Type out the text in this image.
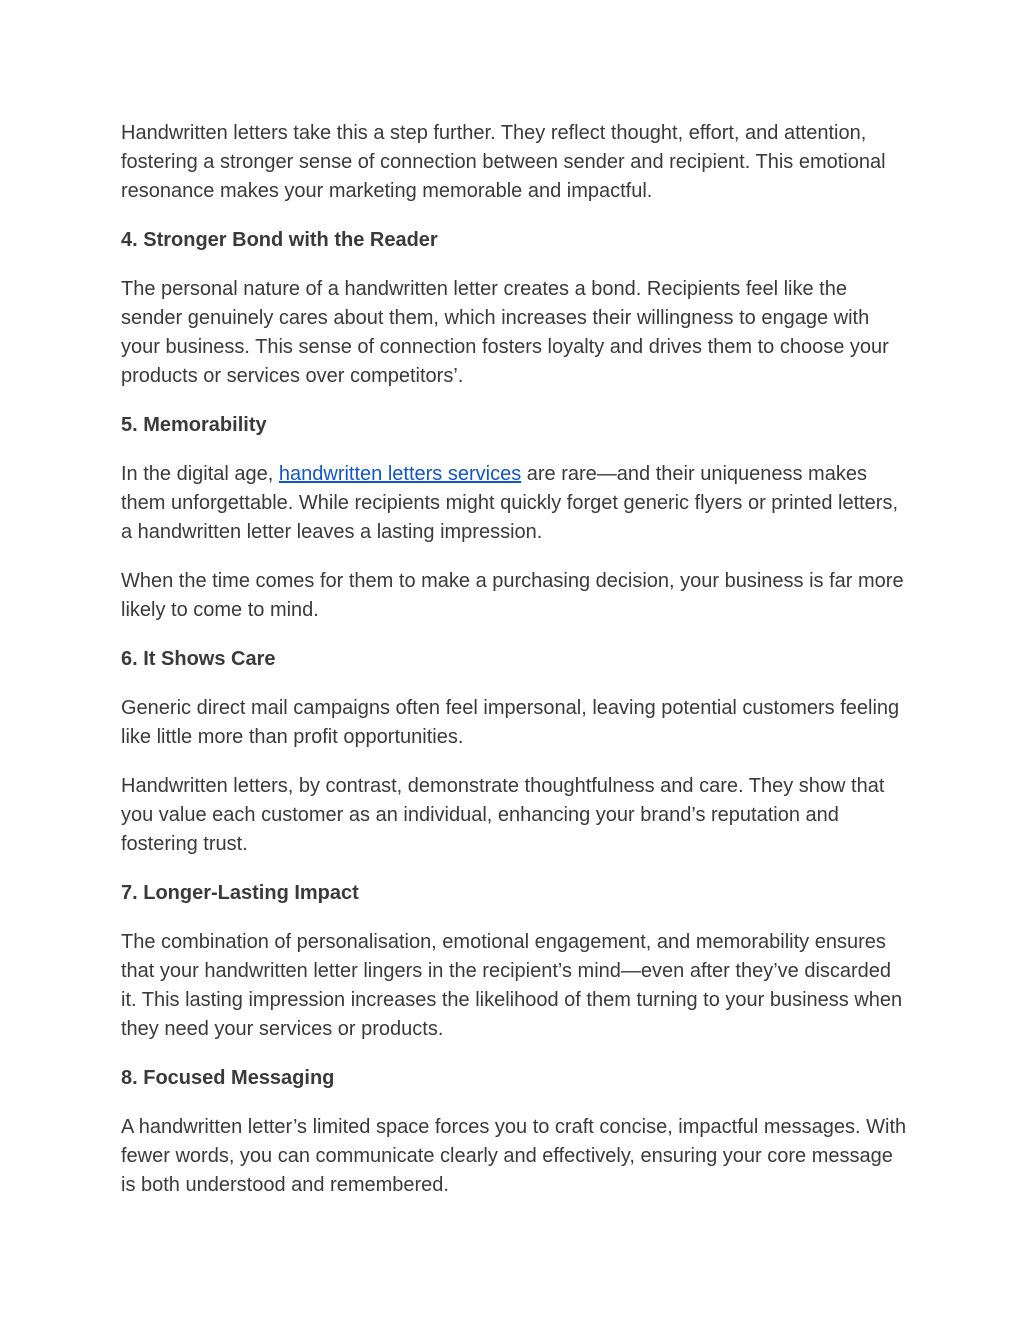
Handwritten letters take this a step further. They reflect thought, effort, and attention, fostering a stronger sense of connection between sender and recipient. This emotional resonance makes your marketing memorable and impactful.

4. Stronger Bond with the Reader

The personal nature of a handwritten letter creates a bond. Recipients feel like the sender genuinely cares about them, which increases their willingness to engage with your business. This sense of connection fosters loyalty and drives them to choose your products or services over competitors’.

5. Memorability

In the digital age, handwritten letters services are rare—and their uniqueness makes them unforgettable. While recipients might quickly forget generic flyers or printed letters, a handwritten letter leaves a lasting impression.

When the time comes for them to make a purchasing decision, your business is far more likely to come to mind.

6. It Shows Care

Generic direct mail campaigns often feel impersonal, leaving potential customers feeling like little more than profit opportunities.

Handwritten letters, by contrast, demonstrate thoughtfulness and care. They show that you value each customer as an individual, enhancing your brand’s reputation and fostering trust.

7. Longer-Lasting Impact

The combination of personalisation, emotional engagement, and memorability ensures that your handwritten letter lingers in the recipient’s mind—even after they’ve discarded it. This lasting impression increases the likelihood of them turning to your business when they need your services or products.

8. Focused Messaging

A handwritten letter’s limited space forces you to craft concise, impactful messages. With fewer words, you can communicate clearly and effectively, ensuring your core message is both understood and remembered.
